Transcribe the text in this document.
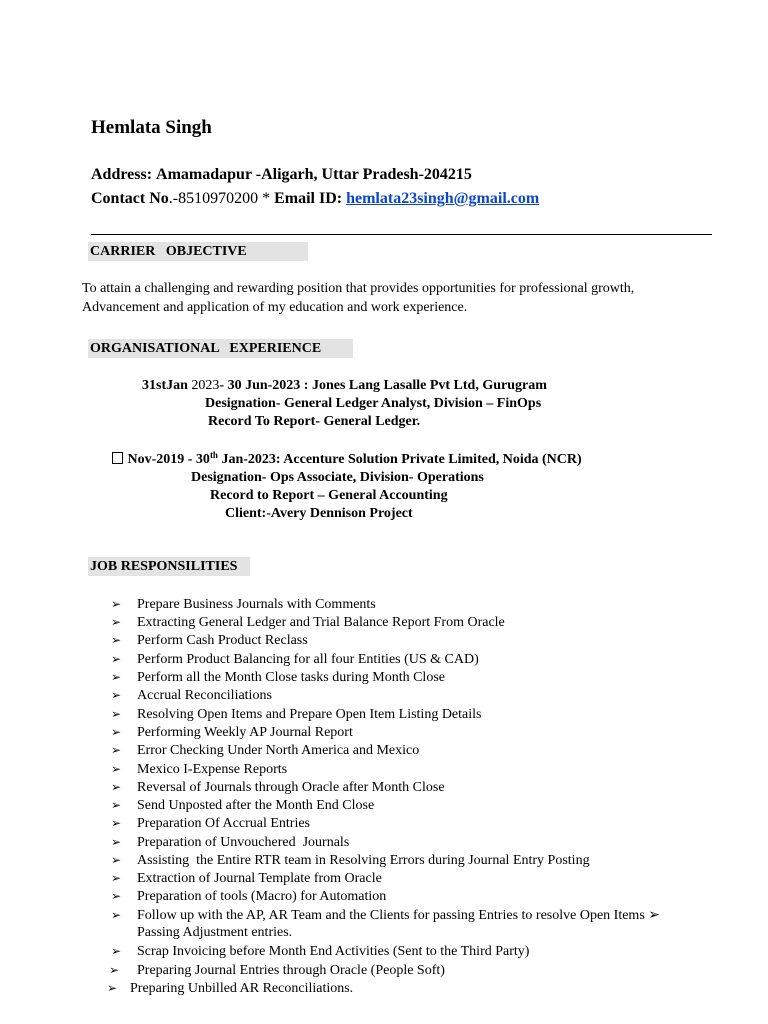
Hemlata Singh
Address: Amamadapur -Aligarh, Uttar Pradesh-204215
Contact No.-8510970200 * Email ID: hemlata23singh@gmail.com
CARRIER   OBJECTIVE
To attain a challenging and rewarding position that provides opportunities for professional growth,
Advancement and application of my education and work experience.
ORGANISATIONAL   EXPERIENCE
31stJan 2023- 30 Jun-2023 : Jones Lang Lasalle Pvt Ltd, Gurugram
Designation- General Ledger Analyst, Division – FinOps
Record To Report- General Ledger.
Nov-2019 - 30th Jan-2023: Accenture Solution Private Limited, Noida (NCR)
Designation- Ops Associate, Division- Operations
Record to Report – General Accounting
Client:-Avery Dennison Project
JOB RESPONSILITIES
➢ Prepare Business Journals with Comments
➢ Extracting General Ledger and Trial Balance Report From Oracle
➢ Perform Cash Product Reclass
➢ Perform Product Balancing for all four Entities (US & CAD)
➢ Perform all the Month Close tasks during Month Close
➢ Accrual Reconciliations
➢ Resolving Open Items and Prepare Open Item Listing Details
➢ Performing Weekly AP Journal Report
➢ Error Checking Under North America and Mexico
➢ Mexico I-Expense Reports
➢ Reversal of Journals through Oracle after Month Close
➢ Send Unposted after the Month End Close
➢ Preparation Of Accrual Entries
➢ Preparation of Unvouchered  Journals
➢ Assisting  the Entire RTR team in Resolving Errors during Journal Entry Posting
➢ Extraction of Journal Template from Oracle
➢ Preparation of tools (Macro) for Automation
➢ Follow up with the AP, AR Team and the Clients for passing Entries to resolve Open Items ➢
Passing Adjustment entries.
➢ Scrap Invoicing before Month End Activities (Sent to the Third Party)
➢ Preparing Journal Entries through Oracle (People Soft)
➢ Preparing Unbilled AR Reconciliations.
